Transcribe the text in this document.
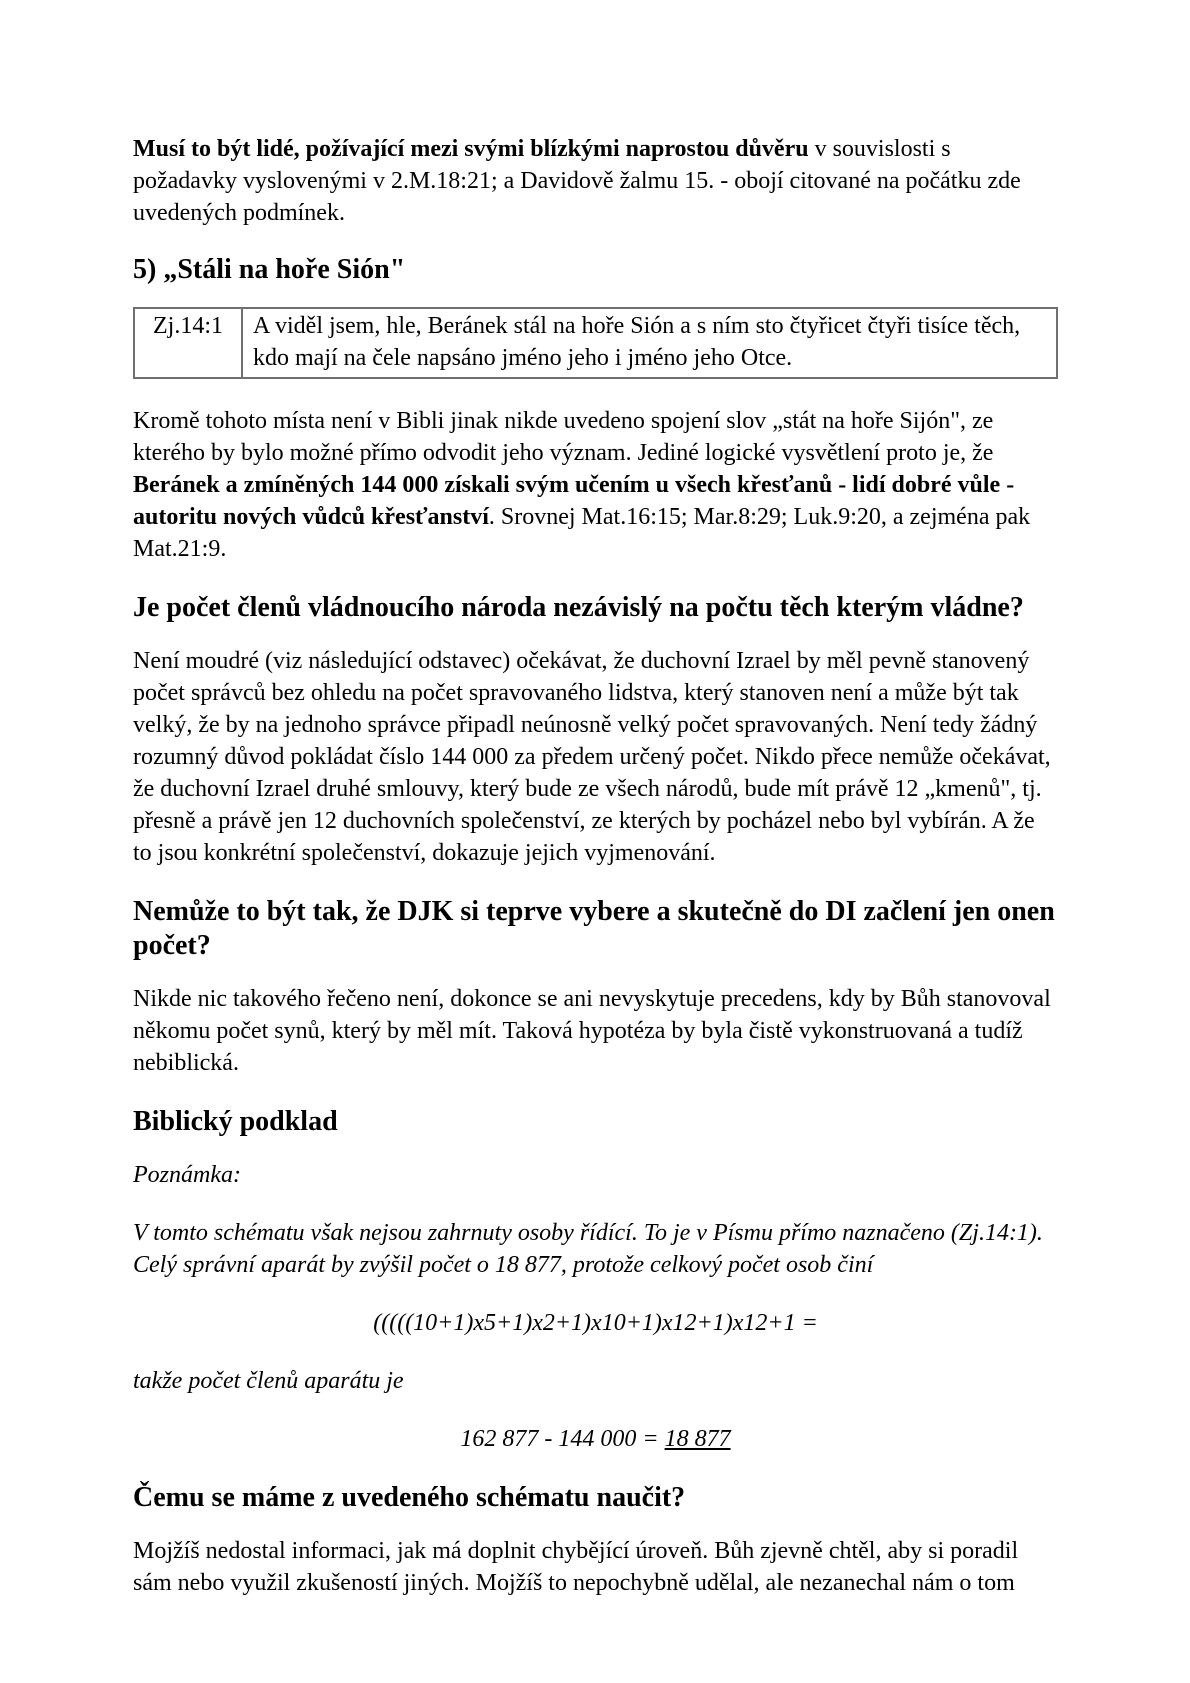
Musí to být lidé, požívající mezi svými blízkými naprostou důvěru v souvislosti s požadavky vyslovenými v 2.M.18:21; a Davidově žalmu 15. - obojí citované na počátku zde uvedených podmínek.

5) „Stáli na hoře Sión"
Zj.14:1	A viděl jsem, hle, Beránek stál na hoře Sión a s ním sto čtyřicet čtyři tisíce těch, kdo mají na čele napsáno jméno jeho i jméno jeho Otce.

Kromě tohoto místa není v Bibli jinak nikde uvedeno spojení slov „stát na hoře Sijón", ze kterého by bylo možné přímo odvodit jeho význam. Jediné logické vysvětlení proto je, že Beránek a zmíněných 144 000 získali svým učením u všech křesťanů - lidí dobré vůle - autoritu nových vůdců křesťanství. Srovnej Mat.16:15; Mar.8:29; Luk.9:20, a zejména pak Mat.21:9.

Je počet členů vládnoucího národa nezávislý na počtu těch kterým vládne?

Není moudré (viz následující odstavec) očekávat, že duchovní Izrael by měl pevně stanovený počet správců bez ohledu na počet spravovaného lidstva, který stanoven není a může být tak velký, že by na jednoho správce připadl neúnosně velký počet spravovaných. Není tedy žádný rozumný důvod pokládat číslo 144 000 za předem určený počet. Nikdo přece nemůže očekávat, že duchovní Izrael druhé smlouvy, který bude ze všech národů, bude mít právě 12 „kmenů", tj. přesně a právě jen 12 duchovních společenství, ze kterých by pocházel nebo byl vybírán. A že to jsou konkrétní společenství, dokazuje jejich vyjmenování.

Nemůže to být tak, že DJK si teprve vybere a skutečně do DI začlení jen onen počet?

Nikde nic takového řečeno není, dokonce se ani nevyskytuje precedens, kdy by Bůh stanovoval někomu počet synů, který by měl mít. Taková hypotéza by byla čistě vykonstruovaná a tudíž nebiblická.

Biblický podklad

Poznámka:

V tomto schématu však nejsou zahrnuty osoby řídící. To je v Písmu přímo naznačeno (Zj.14:1). Celý správní aparát by zvýšil počet o 18 877, protože celkový počet osob činí

(((((10+1)x5+1)x2+1)x10+1)x12+1)x12+1 =

takže počet členů aparátu je

162 877 - 144 000 = 18 877

Čemu se máme z uvedeného schématu naučit?

Mojžíš nedostal informaci, jak má doplnit chybějící úroveň. Bůh zjevně chtěl, aby si poradil sám nebo využil zkušeností jiných. Mojžíš to nepochybně udělal, ale nezanechal nám o tom
